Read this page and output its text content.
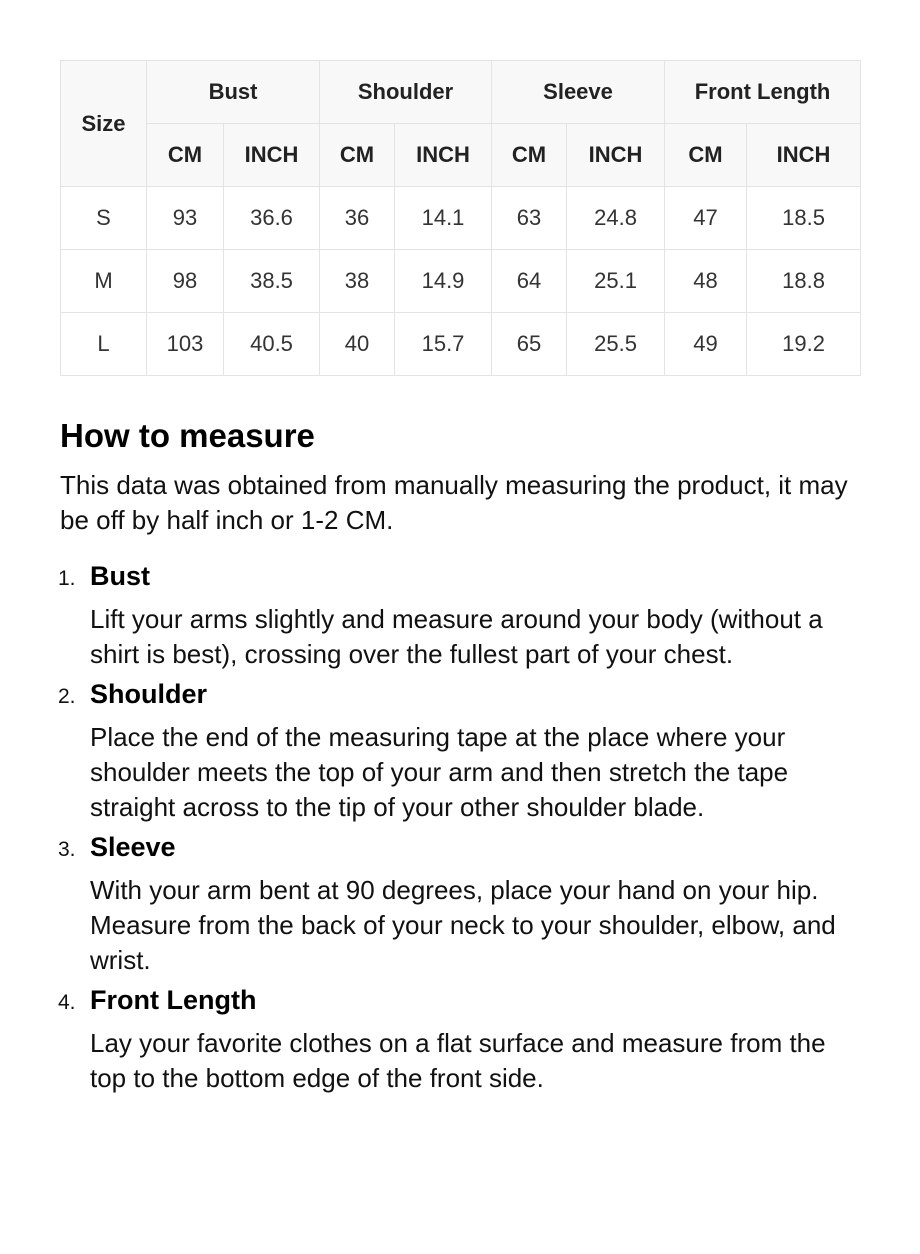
Size	Bust		Shoulder		Sleeve		Front Length	
	CM	INCH	CM	INCH	CM	INCH	CM	INCH
S	93	36.6	36	14.1	63	24.8	47	18.5
M	98	38.5	38	14.9	64	25.1	48	18.8
L	103	40.5	40	15.7	65	25.5	49	19.2
How to measure

This data was obtained from manually measuring the product, it may be off by half inch or 1-2 CM.

1. Bust
Lift your arms slightly and measure around your body (without a shirt is best), crossing over the fullest part of your chest.
2. Shoulder
Place the end of the measuring tape at the place where your shoulder meets the top of your arm and then stretch the tape straight across to the tip of your other shoulder blade.
3. Sleeve
With your arm bent at 90 degrees, place your hand on your hip. Measure from the back of your neck to your shoulder, elbow, and wrist.
4. Front Length
Lay your favorite clothes on a flat surface and measure from the top to the bottom edge of the front side.
